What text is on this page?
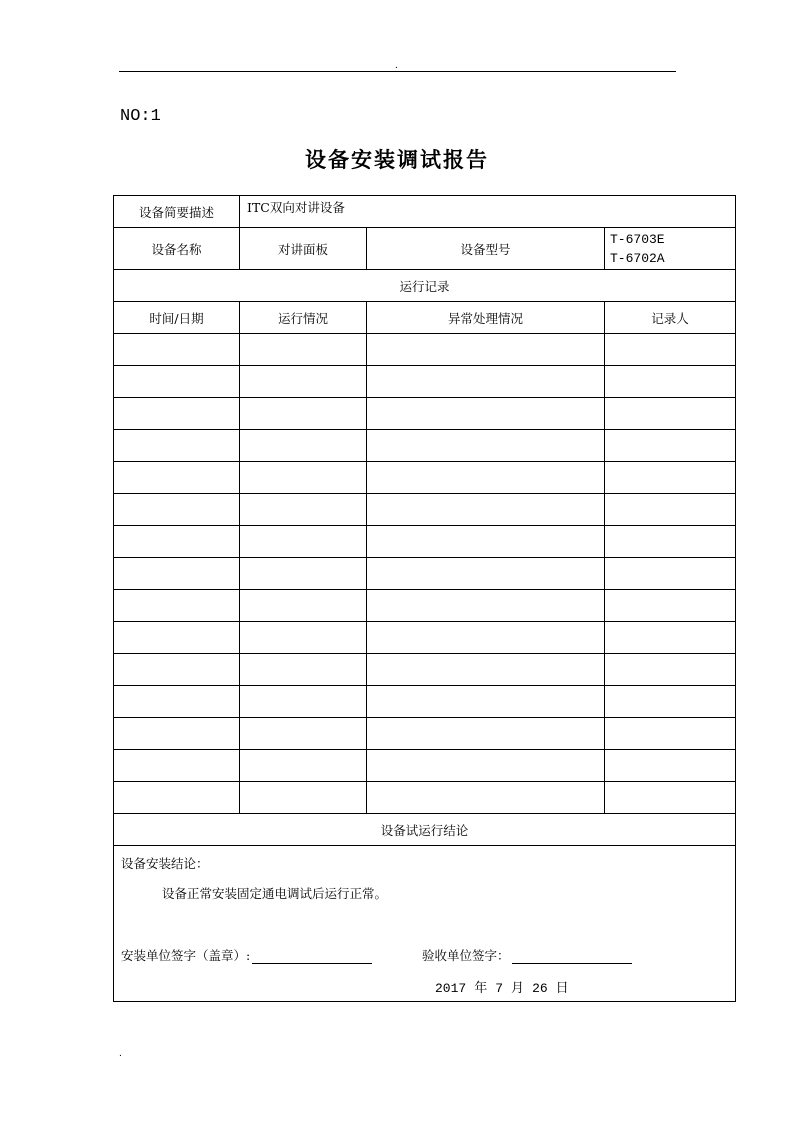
.
NO:1
设备安装调试报告
设备简要描述	ITC双向对讲设备		
设备名称	对讲面板	设备型号	T-6703E
T-6702A

运行记录			
时间/日期	运行情况	异常处理情况	记录人

设备试运行结论			

设备安装结论：
设备正常安装固定通电调试后运行正常。
安装单位签字（盖章）: 验收单位签字：
2017 年 7 月 26 日			
.
